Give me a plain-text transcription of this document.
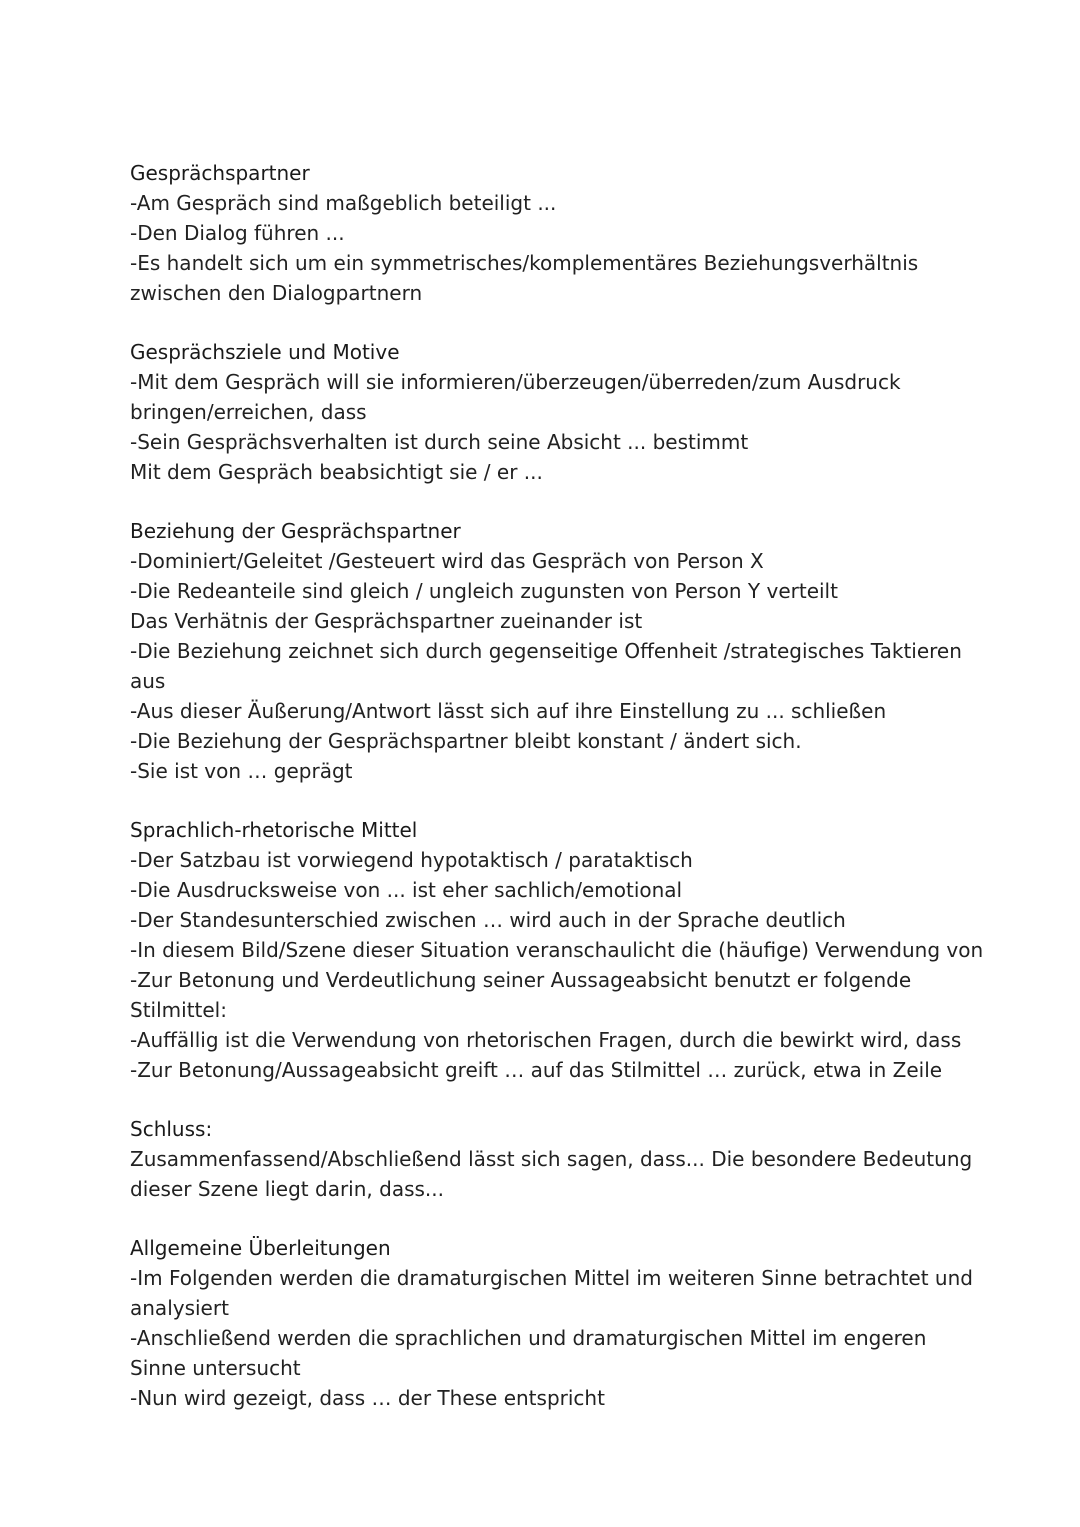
Gesprächspartner

-Am Gespräch sind maßgeblich beteiligt ...

-Den Dialog führen ...

-Es handelt sich um ein symmetrisches/komplementäres Beziehungsverhältnis

zwischen den Dialogpartnern

Gesprächsziele und Motive

-Mit dem Gespräch will sie informieren/überzeugen/überreden/zum Ausdruck

bringen/erreichen, dass

-Sein Gesprächsverhalten ist durch seine Absicht ... bestimmt

Mit dem Gespräch beabsichtigt sie / er ...

Beziehung der Gesprächspartner

-Dominiert/Geleitet /Gesteuert wird das Gespräch von Person X

-Die Redeanteile sind gleich / ungleich zugunsten von Person Y verteilt

Das Verhätnis der Gesprächspartner zueinander ist

-Die Beziehung zeichnet sich durch gegenseitige Offenheit /strategisches Taktieren

aus

-Aus dieser Äußerung/Antwort lässt sich auf ihre Einstellung zu ... schließen

-Die Beziehung der Gesprächspartner bleibt konstant / ändert sich.

-Sie ist von … geprägt

Sprachlich-rhetorische Mittel

-Der Satzbau ist vorwiegend hypotaktisch / parataktisch

-Die Ausdrucksweise von ... ist eher sachlich/emotional

-Der Standesunterschied zwischen … wird auch in der Sprache deutlich

-In diesem Bild/Szene dieser Situation veranschaulicht die (häufige) Verwendung von

-Zur Betonung und Verdeutlichung seiner Aussageabsicht benutzt er folgende

Stilmittel:

-Auffällig ist die Verwendung von rhetorischen Fragen, durch die bewirkt wird, dass

-Zur Betonung/Aussageabsicht greift … auf das Stilmittel … zurück, etwa in Zeile

Schluss:

Zusammenfassend/Abschließend lässt sich sagen, dass... Die besondere Bedeutung

dieser Szene liegt darin, dass...

Allgemeine Überleitungen

-Im Folgenden werden die dramaturgischen Mittel im weiteren Sinne betrachtet und

analysiert

-Anschließend werden die sprachlichen und dramaturgischen Mittel im engeren

Sinne untersucht

-Nun wird gezeigt, dass … der These entspricht
